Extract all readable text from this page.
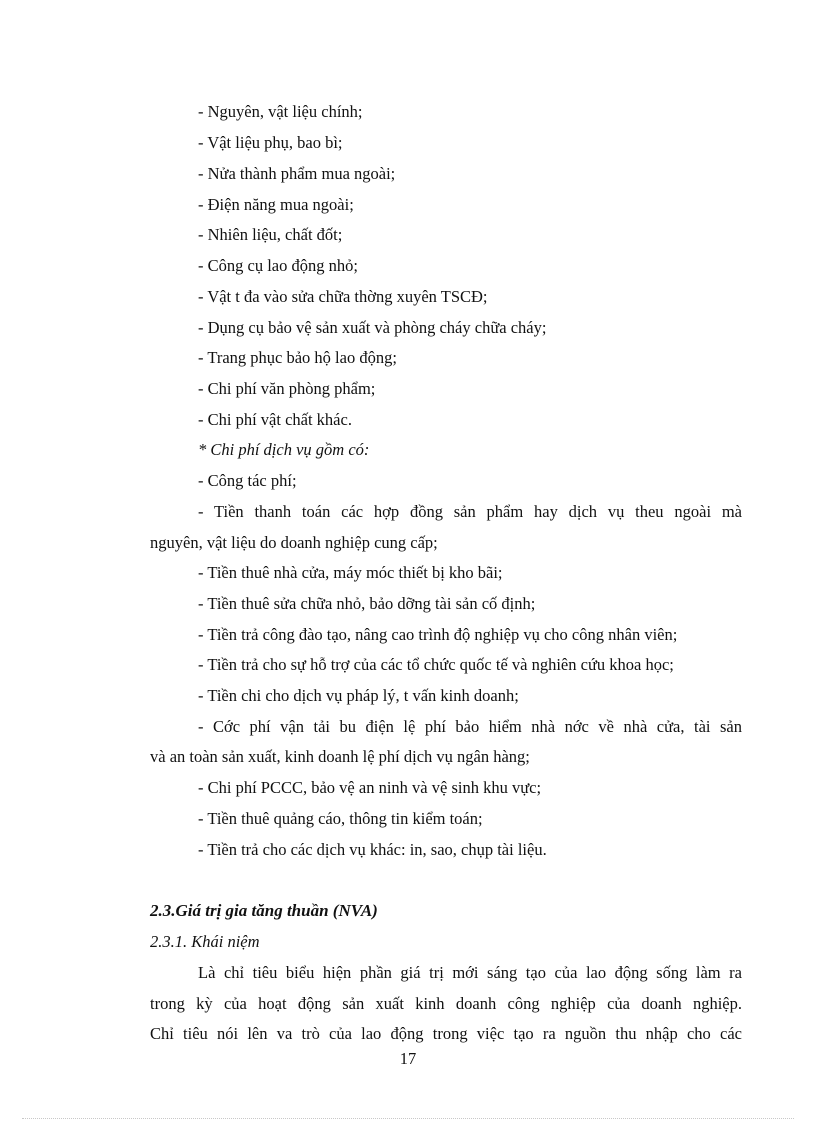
- Nguyên, vật liệu chính;
- Vật liệu phụ, bao bì;
- Nửa thành phẩm mua ngoài;
- Điện năng mua ngoài;
- Nhiên liệu, chất đốt;
- Công cụ lao động nhỏ;
- Vật t đa vào sửa chữa thờng xuyên TSCĐ;
- Dụng cụ bảo vệ sản xuất và phòng cháy chữa cháy;
- Trang phục bảo hộ lao động;
- Chi phí văn phòng phẩm;
- Chi phí vật chất khác.
* Chi phí dịch vụ gồm có:
- Công tác phí;
- Tiền thanh toán các hợp đồng sản phẩm hay dịch vụ theu ngoài mà
nguyên, vật liệu do doanh nghiệp cung cấp;
- Tiền thuê nhà cửa, máy móc thiết bị kho bãi;
- Tiền thuê sửa chữa nhỏ, bảo dỡng tài sản cố định;
- Tiền trả công đào tạo, nâng cao trình độ nghiệp vụ cho công nhân viên;
- Tiền trả cho sự hỗ trợ của các tổ chức quốc tế và nghiên cứu khoa học;
- Tiền chi cho dịch vụ pháp lý, t vấn kinh doanh;
- Cớc phí vận tải bu điện lệ phí bảo hiểm nhà nớc về nhà cửa, tài sản
và an toàn sản xuất, kinh doanh lệ phí dịch vụ ngân hàng;
- Chi phí PCCC, bảo vệ an ninh và vệ sinh khu vực;
- Tiền thuê quảng cáo, thông tin kiểm toán;
- Tiền trả cho các dịch vụ khác: in, sao, chụp tài liệu.
2.3.Giá trị gia tăng thuần (NVA)
2.3.1. Khái niệm
Là chỉ tiêu biểu hiện phần giá trị mới sáng tạo của lao động sống làm ra
trong kỳ của hoạt động sản xuất kinh doanh công nghiệp của doanh nghiệp.
Chỉ tiêu nói lên va trò của lao động trong việc tạo ra nguồn thu nhập cho các
17
